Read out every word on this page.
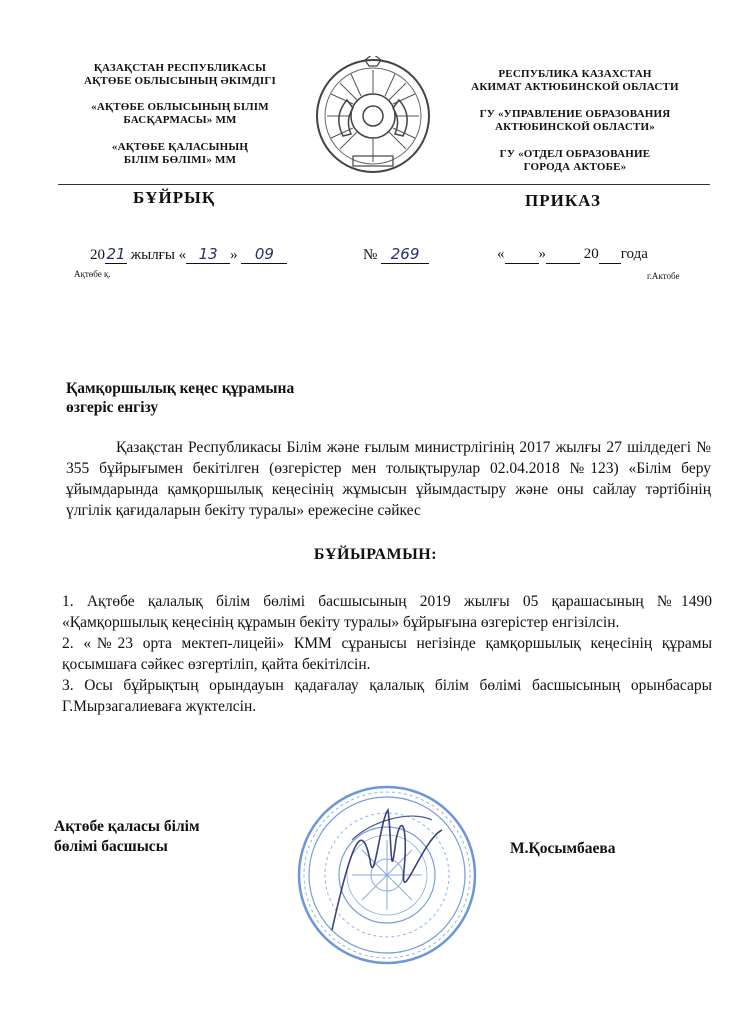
ҚАЗАҚСТАН РЕСПУБЛИКАСЫ
АҚТӨБЕ ОБЛЫСЫНЫҢ ӘКІМДІГІ
«АҚТӨБЕ ОБЛЫСЫНЫҢ БІЛІМ
БАСҚАРМАСЫ» ММ
«АҚТӨБЕ ҚАЛАСЫНЫҢ
БІЛІМ БӨЛІМІ» ММ
РЕСПУБЛИКА КАЗАХСТАН
АКИМАТ АКТЮБИНСКОЙ ОБЛАСТИ
ГУ «УПРАВЛЕНИЕ ОБРАЗОВАНИЯ
АКТЮБИНСКОЙ ОБЛАСТИ»
ГУ «ОТДЕЛ ОБРАЗОВАНИЕ
ГОРОДА АКТОБЕ»
БҰЙРЫҚ	ПРИКАЗ
2021 жылғы « 13 » 09
Ақтөбе қ.
№ 269	« »	20 года
г.Актобе
Қамқоршылық кеңес құрамына
өзгеріс енгізу
Қазақстан Республикасы Білім және ғылым министрлігінің 2017 жылғы 27 шілдедегі № 355 бұйрығымен бекітілген (өзгерістер мен толықтырулар 02.04.2018 №123) «Білім беру ұйымдарында қамқоршылық кеңесінің жұмысын ұйымдастыру және оны сайлау тәртібінің үлгілік қағидаларын бекіту туралы» ережесіне сәйкес
БҰЙЫРАМЫН:
1. Ақтөбе қалалық білім бөлімі басшысының 2019 жылғы 05 қарашасының №1490 «Қамқоршылық кеңесінің құрамын бекіту туралы» бұйрығына өзгерістер енгізілсін.
2. «№23 орта мектеп-лицейі» КММ сұранысы негізінде қамқоршылық кеңесінің құрамы қосымшаға сәйкес өзгертіліп, қайта бекітілсін.
3. Осы бұйрықтың орындауын қадағалау қалалық білім бөлімі басшысының орынбасары Г.Мырзагалиеваға жүктелсін.
Ақтөбе қаласы білім
бөлімі басшысы	М.Қосымбаева
